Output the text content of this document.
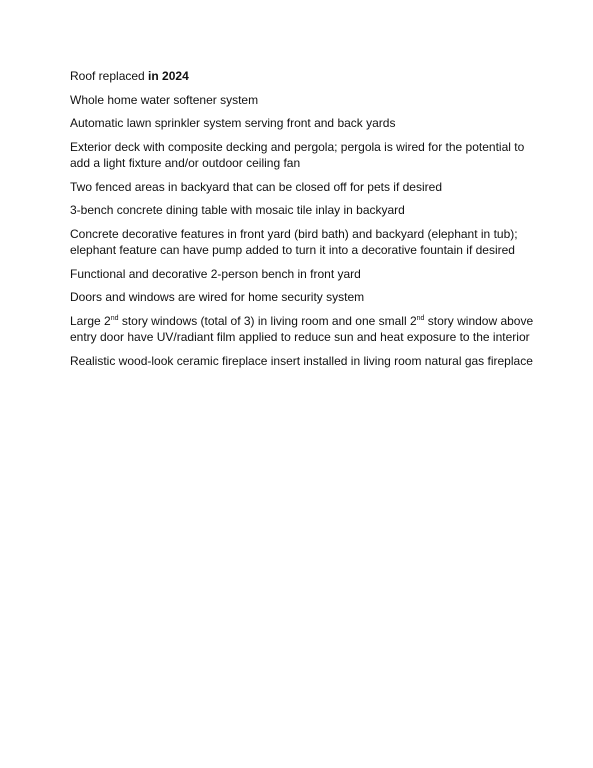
Roof replaced in 2024

Whole home water softener system

Automatic lawn sprinkler system serving front and back yards

Exterior deck with composite decking and pergola; pergola is wired for the potential to add a light fixture and/or outdoor ceiling fan

Two fenced areas in backyard that can be closed off for pets if desired

3-bench concrete dining table with mosaic tile inlay in backyard

Concrete decorative features in front yard (bird bath) and backyard (elephant in tub); elephant feature can have pump added to turn it into a decorative fountain if desired

Functional and decorative 2-person bench in front yard

Doors and windows are wired for home security system

Large 2nd story windows (total of 3) in living room and one small 2nd story window above entry door have UV/radiant film applied to reduce sun and heat exposure to the interior

Realistic wood-look ceramic fireplace insert installed in living room natural gas fireplace
